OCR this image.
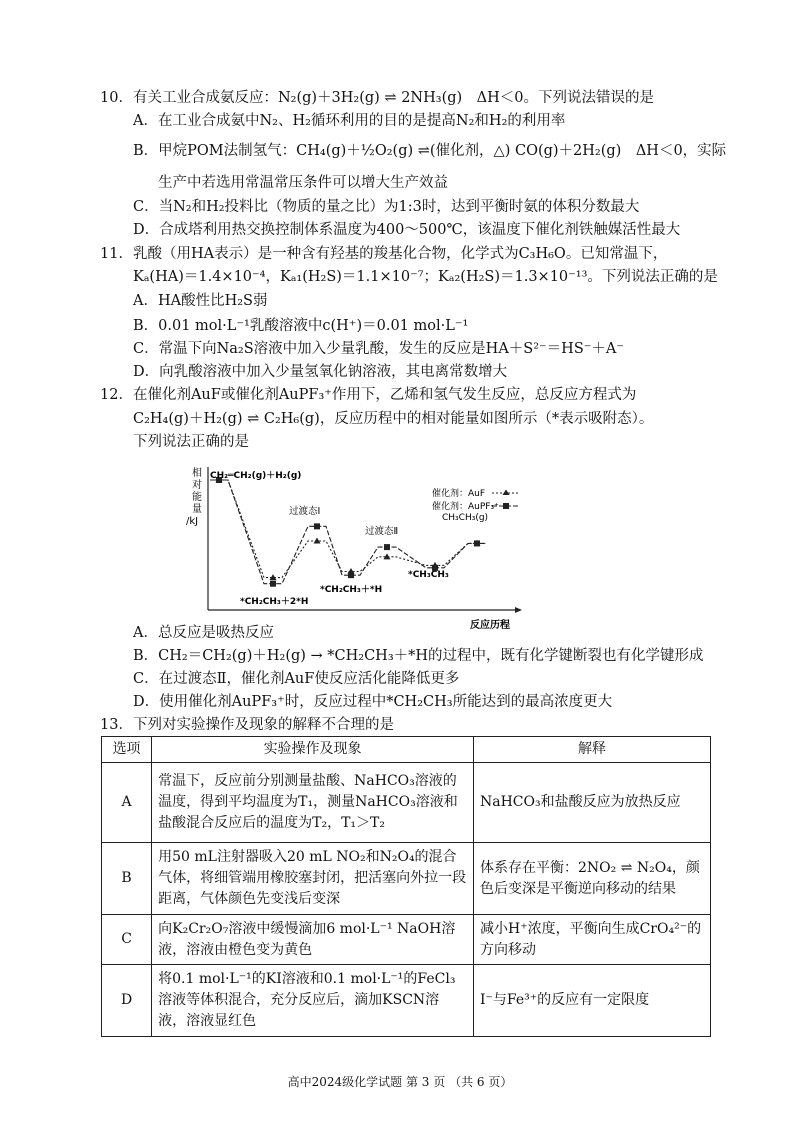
10．有关工业合成氨反应：N₂(g)＋3H₂(g) ⇌ 2NH₃(g)　ΔH＜0。下列说法错误的是
A．在工业合成氨中N₂、H₂循环利用的目的是提高N₂和H₂的利用率
B．甲烷POM法制氢气：CH₄(g)＋½O₂(g) ⇌(催化剂，△) CO(g)＋2H₂(g)　ΔH＜0，实际
生产中若选用常温常压条件可以增大生产效益
C．当N₂和H₂投料比（物质的量之比）为1:3时，达到平衡时氨的体积分数最大
D．合成塔利用热交换控制体系温度为400～500℃，该温度下催化剂铁触媒活性最大
11．乳酸（用HA表示）是一种含有羟基的羧基化合物，化学式为C₃H₆O。已知常温下，
Kₐ(HA)＝1.4×10⁻⁴，Kₐ₁(H₂S)＝1.1×10⁻⁷；Kₐ₂(H₂S)＝1.3×10⁻¹³。下列说法正确的是
A．HA酸性比H₂S弱
B．0.01 mol·L⁻¹乳酸溶液中c(H⁺)＝0.01 mol·L⁻¹
C．常温下向Na₂S溶液中加入少量乳酸，发生的反应是HA＋S²⁻＝HS⁻＋A⁻
D．向乳酸溶液中加入少量氢氧化钠溶液，其电离常数增大
12．在催化剂AuF或催化剂AuPF₃⁺作用下，乙烯和氢气发生反应，总反应方程式为
C₂H₄(g)＋H₂(g) ⇌ C₂H₆(g)，反应历程中的相对能量如图所示（*表示吸附态）。
下列说法正确的是
相
对
能
量
/kJ
反应历程
CH₂═CH₂(g)＋H₂(g)
过渡态Ⅰ
过渡态Ⅱ
*CH₂CH₃＋2*H
*CH₂CH₃＋*H
*CH₃CH₃
CH₃CH₃(g)
催化剂：AuF
催化剂：AuPF₃⁺
A．总反应是吸热反应
B．CH₂＝CH₂(g)＋H₂(g) → *CH₂CH₃＋*H的过程中，既有化学键断裂也有化学键形成
C．在过渡态Ⅱ，催化剂AuF使反应活化能降低更多
D．使用催化剂AuPF₃⁺时，反应过程中*CH₂CH₃所能达到的最高浓度更大
13．下列对实验操作及现象的解释不合理的是
选项	实验操作及现象	解释
A	常温下，反应前分别测量盐酸、NaHCO₃溶液的温度，得到平均温度为T₁，测量NaHCO₃溶液和盐酸混合反应后的温度为T₂，T₁＞T₂	NaHCO₃和盐酸反应为放热反应
B	用50 mL注射器吸入20 mL NO₂和N₂O₄的混合气体，将细管端用橡胶塞封闭，把活塞向外拉一段距离，气体颜色先变浅后变深	体系存在平衡：2NO₂ ⇌ N₂O₄，颜色后变深是平衡逆向移动的结果
C	向K₂Cr₂O₇溶液中缓慢滴加6 mol·L⁻¹ NaOH溶液，溶液由橙色变为黄色	减小H⁺浓度，平衡向生成CrO₄²⁻的方向移动
D	将0.1 mol·L⁻¹的KI溶液和0.1 mol·L⁻¹的FeCl₃溶液等体积混合，充分反应后，滴加KSCN溶液，溶液显红色	I⁻与Fe³⁺的反应有一定限度
高中2024级化学试题 第 3 页 （共 6 页）
